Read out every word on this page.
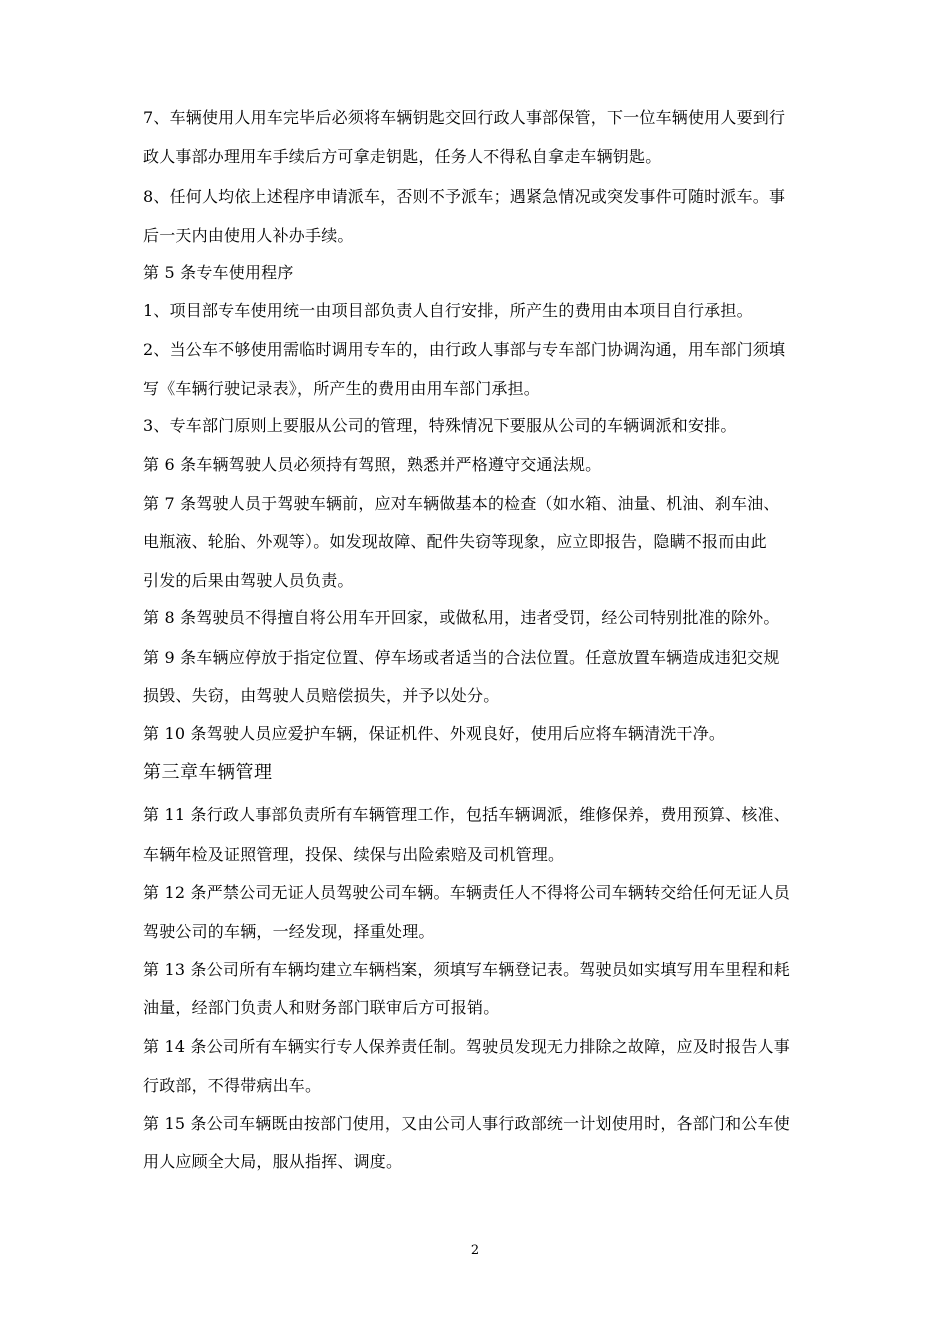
7、车辆使用人用车完毕后必须将车辆钥匙交回行政人事部保管，下一位车辆使用人要到行
政人事部办理用车手续后方可拿走钥匙，任务人不得私自拿走车辆钥匙。
8、任何人均依上述程序申请派车，否则不予派车；遇紧急情况或突发事件可随时派车。事
后一天内由使用人补办手续。
第 5 条专车使用程序
1、项目部专车使用统一由项目部负责人自行安排，所产生的费用由本项目自行承担。
2、当公车不够使用需临时调用专车的，由行政人事部与专车部门协调沟通，用车部门须填
写《车辆行驶记录表》，所产生的费用由用车部门承担。
3、专车部门原则上要服从公司的管理，特殊情况下要服从公司的车辆调派和安排。
第 6 条车辆驾驶人员必须持有驾照，熟悉并严格遵守交通法规。
第 7 条驾驶人员于驾驶车辆前，应对车辆做基本的检查（如水箱、油量、机油、刹车油、
电瓶液、轮胎、外观等）。如发现故障、配件失窃等现象，应立即报告，隐瞒不报而由此
引发的后果由驾驶人员负责。
第 8 条驾驶员不得擅自将公用车开回家，或做私用，违者受罚，经公司特别批准的除外。
第 9 条车辆应停放于指定位置、停车场或者适当的合法位置。任意放置车辆造成违犯交规
损毁、失窃，由驾驶人员赔偿损失，并予以处分。
第 10 条驾驶人员应爱护车辆，保证机件、外观良好，使用后应将车辆清洗干净。
第三章车辆管理
第 11 条行政人事部负责所有车辆管理工作，包括车辆调派，维修保养，费用预算、核准、
车辆年检及证照管理，投保、续保与出险索赔及司机管理。
第 12 条严禁公司无证人员驾驶公司车辆。车辆责任人不得将公司车辆转交给任何无证人员
驾驶公司的车辆，一经发现，择重处理。
第 13 条公司所有车辆均建立车辆档案，须填写车辆登记表。驾驶员如实填写用车里程和耗
油量，经部门负责人和财务部门联审后方可报销。
第 14 条公司所有车辆实行专人保养责任制。驾驶员发现无力排除之故障，应及时报告人事
行政部，不得带病出车。
第 15 条公司车辆既由按部门使用，又由公司人事行政部统一计划使用时，各部门和公车使
用人应顾全大局，服从指挥、调度。
2
